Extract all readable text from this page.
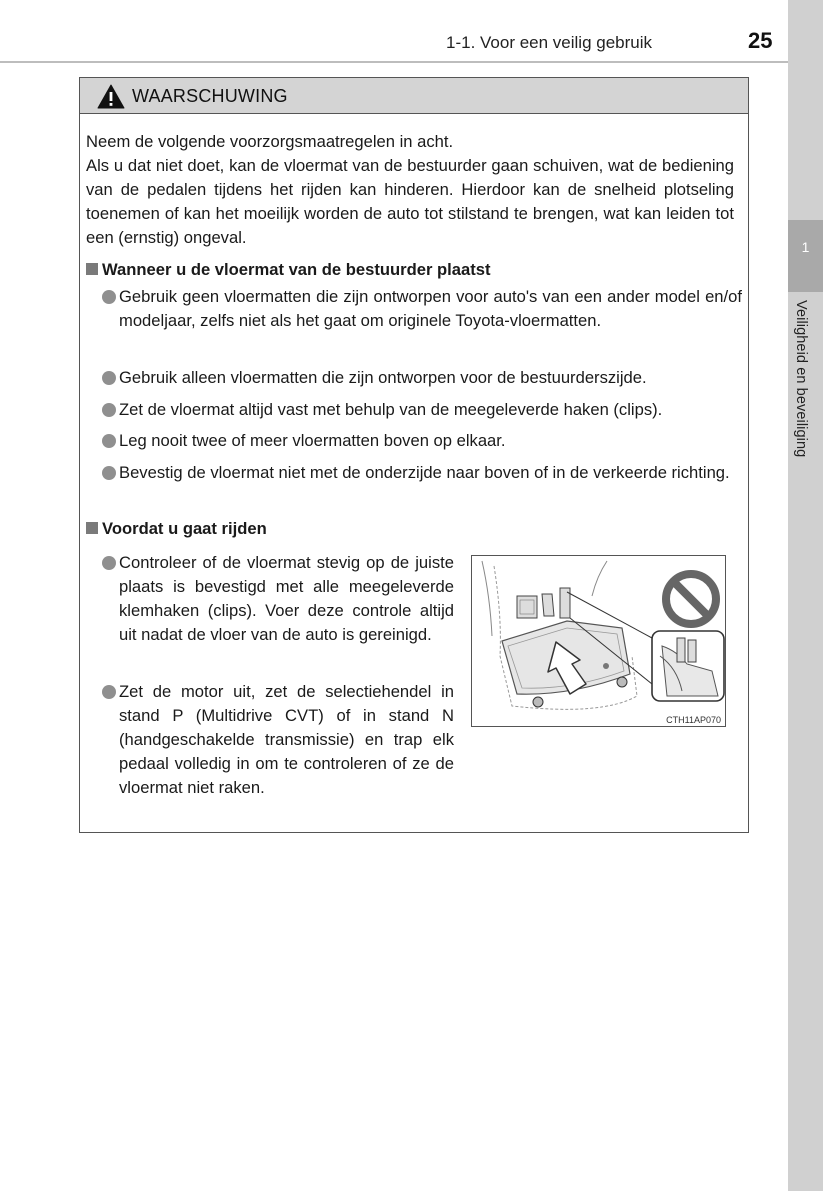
1-1. Voor een veilig gebruik	25
1
Veiligheid en beveiliging
WAARSCHUWING
Neem de volgende voorzorgsmaatregelen in acht.
Als u dat niet doet, kan de vloermat van de bestuurder gaan schuiven, wat de bediening van de pedalen tijdens het rijden kan hinderen. Hierdoor kan de snelheid plotseling toenemen of kan het moeilijk worden de auto tot stilstand te brengen, wat kan leiden tot een (ernstig) ongeval.
Wanneer u de vloermat van de bestuurder plaatst
Gebruik geen vloermatten die zijn ontworpen voor auto's van een ander model en/of modeljaar, zelfs niet als het gaat om originele Toyota-vloermatten.
Gebruik alleen vloermatten die zijn ontworpen voor de bestuurderszijde.
Zet de vloermat altijd vast met behulp van de meegeleverde haken (clips).
Leg nooit twee of meer vloermatten boven op elkaar.
Bevestig de vloermat niet met de onderzijde naar boven of in de verkeerde richting.
Voordat u gaat rijden
Controleer of de vloermat stevig op de juiste plaats is bevestigd met alle meegeleverde klemhaken (clips). Voer deze controle altijd uit nadat de vloer van de auto is gereinigd.
Zet de motor uit, zet de selectiehendel in stand P (Multidrive CVT) of in stand N (handgeschakelde transmissie) en trap elk pedaal volledig in om te controleren of ze de vloermat niet raken.
CTH11AP070
